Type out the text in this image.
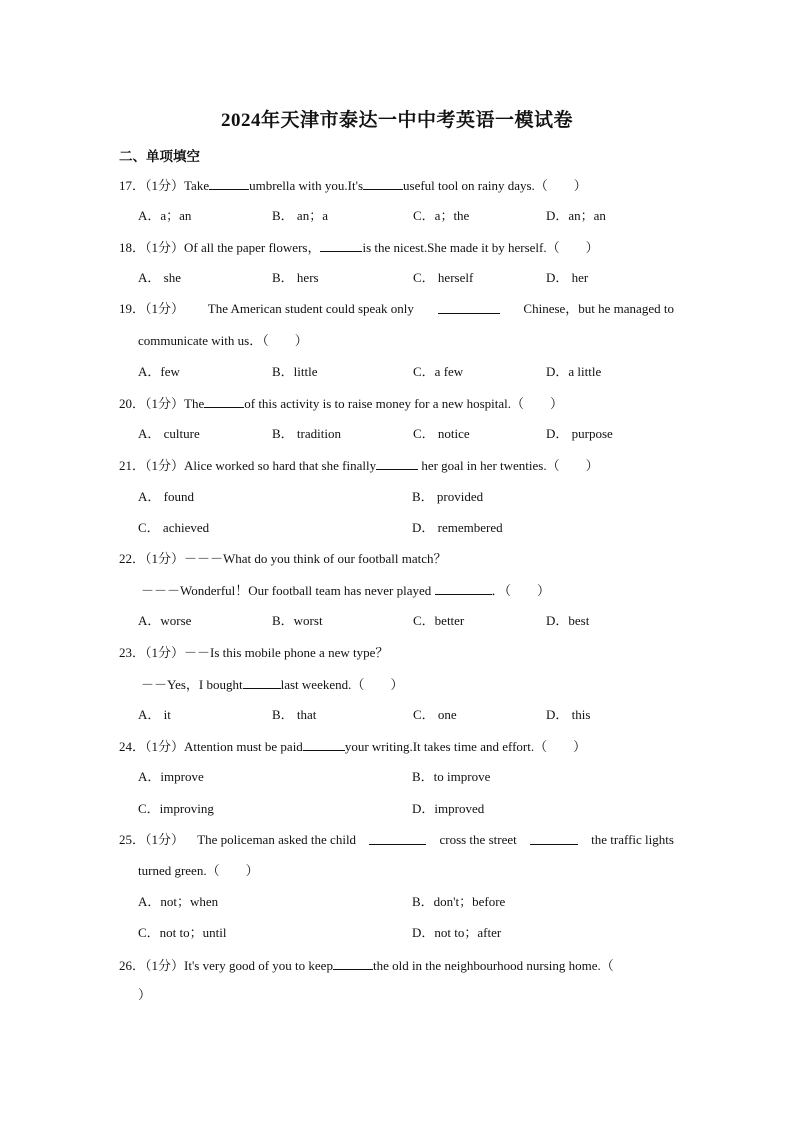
2024年天津市泰达一中中考英语一模试卷
二、单项填空
17．（1分）Take	umbrella with you.It's	useful tool on rainy days.（　　）
A．a；an	B． an；a	C．a；the	D．an；an
18．（1分）Of all the paper flowers，	is the nicest.She made it by herself.（　　）
A． she	B． hers	C． herself	D． her
19．（1分） The American student could speak only	Chinese，but he managed to
communicate with us．（　　）
A．few	B．little	C．a few	D．a little
20．（1分）The	of this activity is to raise money for a new hospital.（　　）
A． culture	B． tradition	C． notice	D． purpose
21．（1分）Alice worked so hard that she finally	her goal in her twenties.（　　）
A． found	B． provided
C． achieved	D． remembered
22．（1分）－－－What do you think of our football match？
－－－Wonderful！Our football team has never played	．（　　）
A．worse	B．worst	C．better	D．best
23．（1分）－－Is this mobile phone a new type？
－－Yes，I bought	last weekend.（　　）
A． it	B． that	C． one	D． this
24．（1分）Attention must be paid	your writing.It takes time and effort.（　　）
A．improve	B．to improve
C．improving	D．improved
25．（1分） The policeman asked the child	cross the street	the traffic lights
turned green.（　　）
A．not；when	B．don't；before
C．not to；until	D．not to；after
26．（1分）It's very good of you to keep	the old in the neighbourhood nursing home.（
）
